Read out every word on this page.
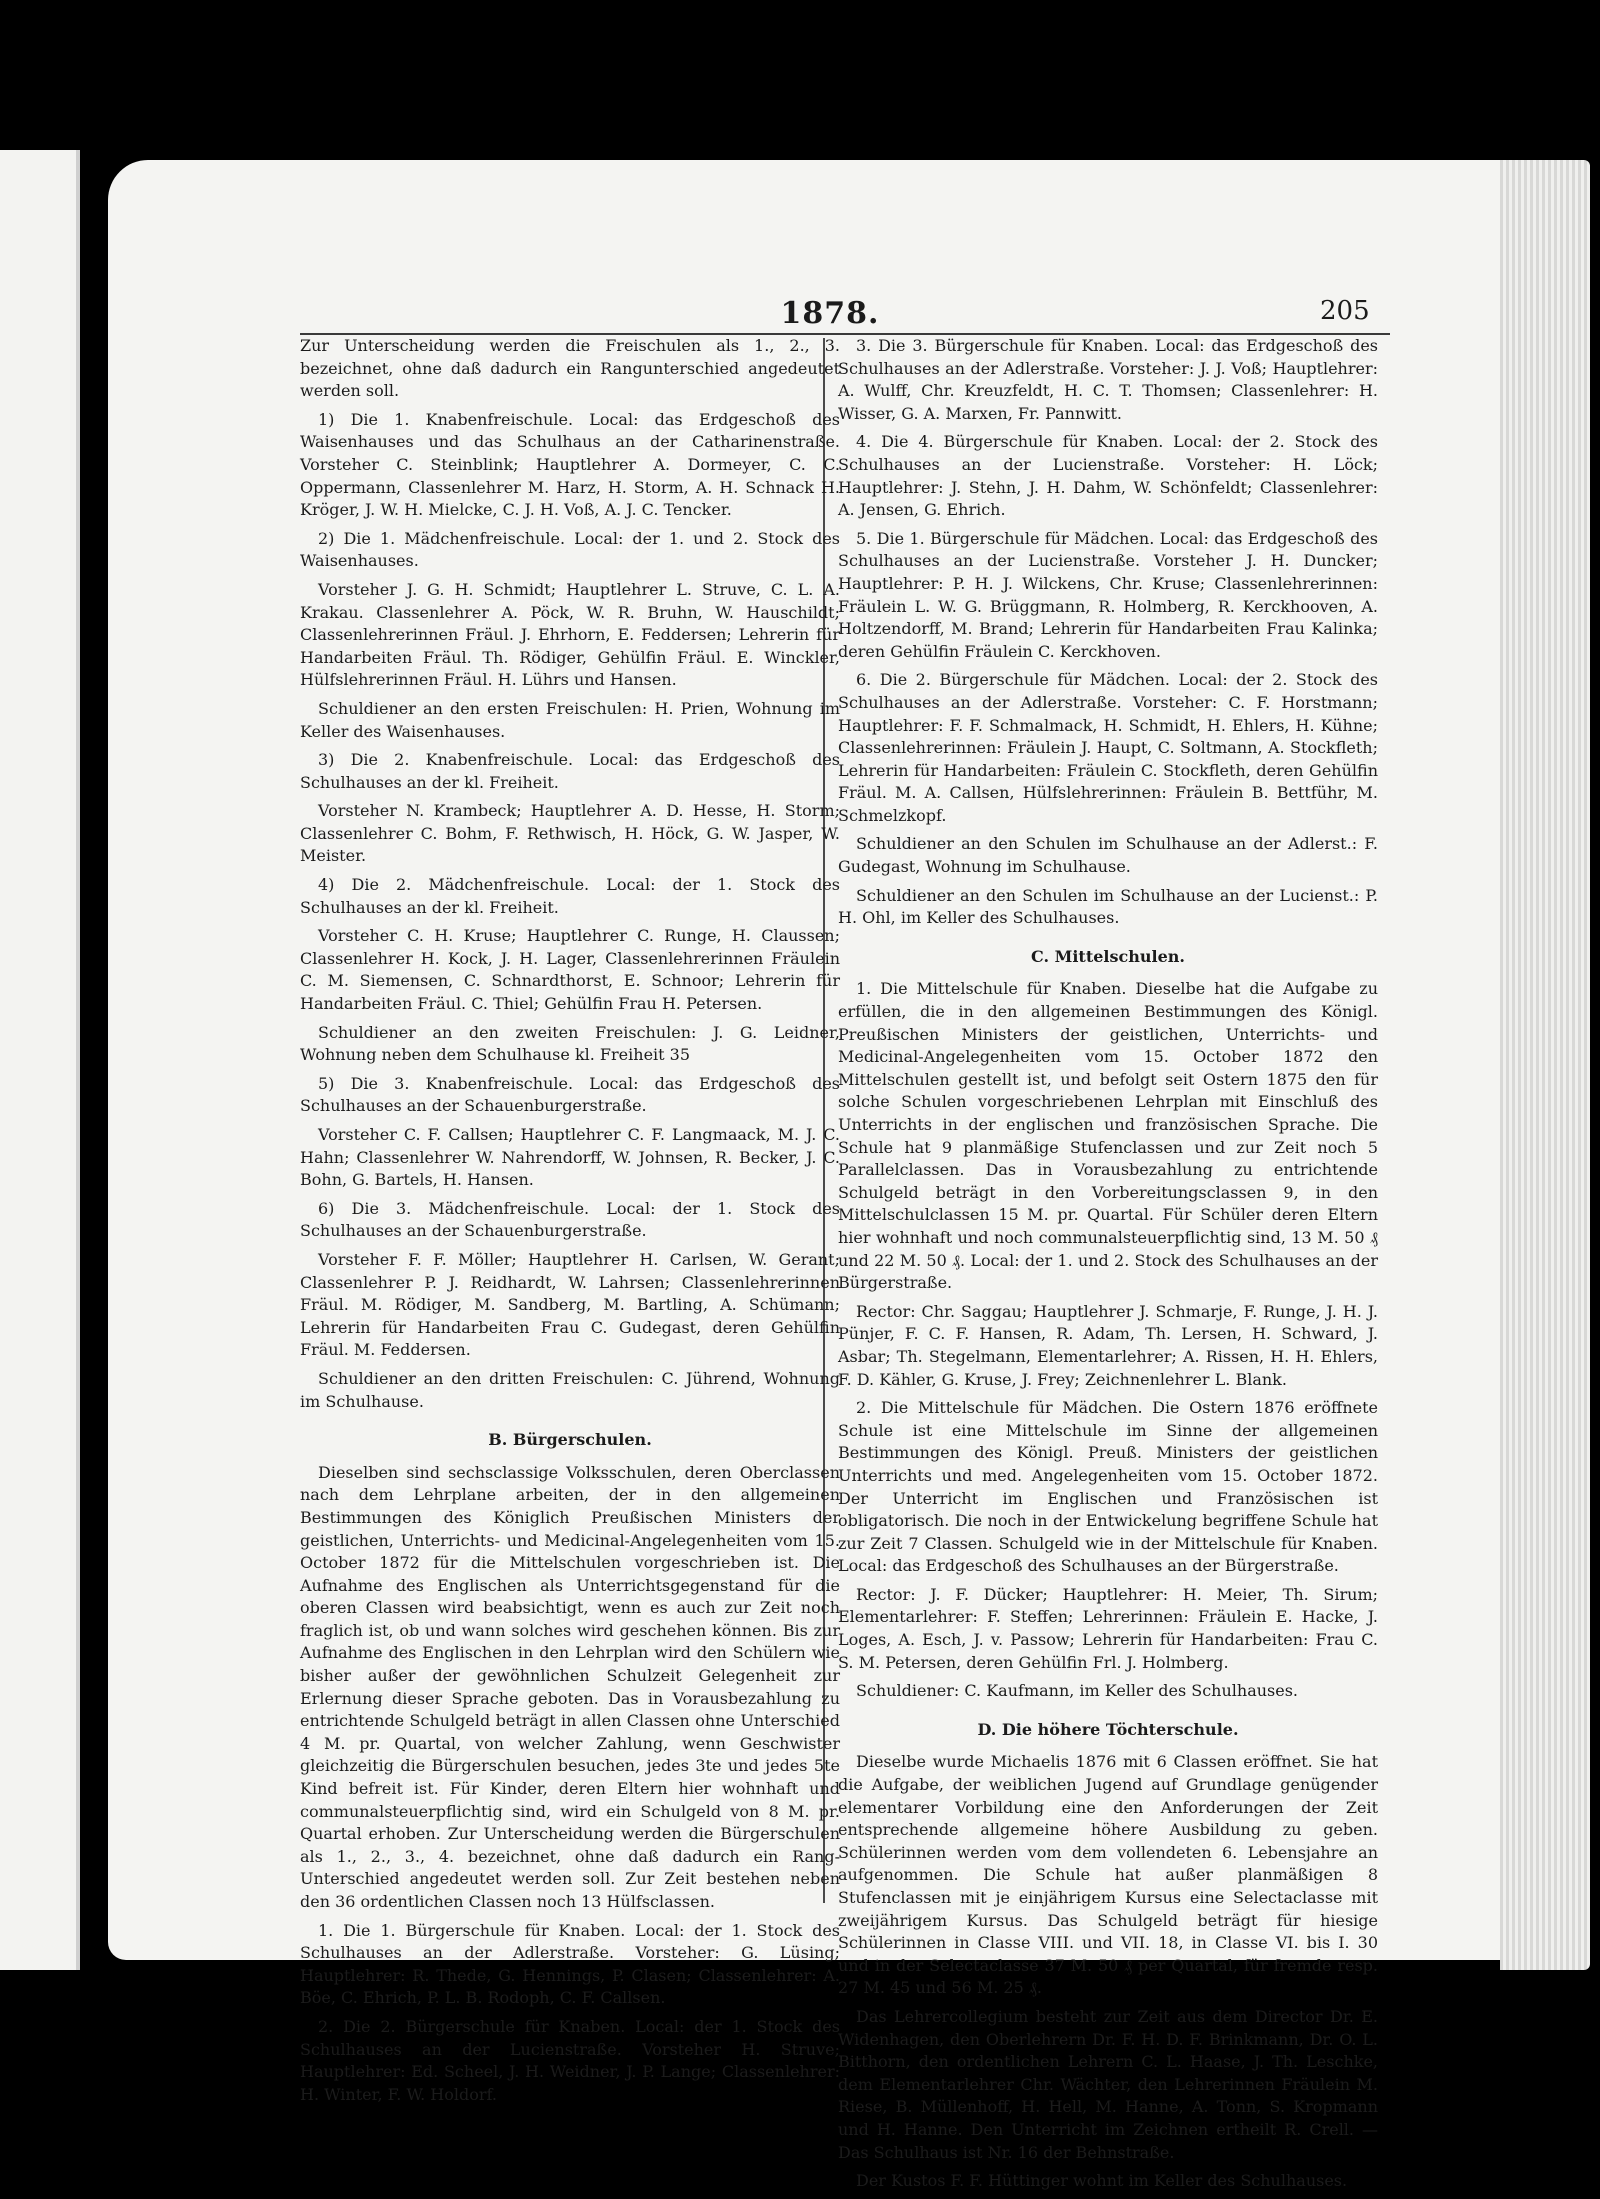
1878.	205

Zur Unterscheidung werden die Freischulen als 1., 2., 3. bezeichnet, ohne daß dadurch ein Rangunterschied angedeutet werden soll.

1) Die 1. Knabenfreischule. Local: das Erdgeschoß des Waisenhauses und das Schulhaus an der Catharinenstraße. Vorsteher C. Steinblink; Hauptlehrer A. Dormeyer, C. C. Oppermann, Classenlehrer M. Harz, H. Storm, A. H. Schnack H. Kröger, J. W. H. Mielcke, C. J. H. Voß, A. J. C. Tencker.

2) Die 1. Mädchenfreischule. Local: der 1. und 2. Stock des Waisenhauses.

Vorsteher J. G. H. Schmidt; Hauptlehrer L. Struve, C. L. A. Krakau. Classenlehrer A. Pöck, W. R. Bruhn, W. Hauschildt; Classenlehrerinnen Fräul. J. Ehrhorn, E. Feddersen; Lehrerin für Handarbeiten Fräul. Th. Rödiger, Gehülfin Fräul. E. Winckler, Hülfslehrerinnen Fräul. H. Lührs und Hansen.

Schuldiener an den ersten Freischulen: H. Prien, Wohnung im Keller des Waisenhauses.

3) Die 2. Knabenfreischule. Local: das Erdgeschoß des Schulhauses an der kl. Freiheit.

Vorsteher N. Krambeck; Hauptlehrer A. D. Hesse, H. Storm; Classenlehrer C. Bohm, F. Rethwisch, H. Höck, G. W. Jasper, W. Meister.

4) Die 2. Mädchenfreischule. Local: der 1. Stock des Schulhauses an der kl. Freiheit.

Vorsteher C. H. Kruse; Hauptlehrer C. Runge, H. Claussen; Classenlehrer H. Kock, J. H. Lager, Classenlehrerinnen Fräulein C. M. Siemensen, C. Schnardthorst, E. Schnoor; Lehrerin für Handarbeiten Fräul. C. Thiel; Gehülfin Frau H. Petersen.

Schuldiener an den zweiten Freischulen: J. G. Leidner, Wohnung neben dem Schulhause kl. Freiheit 35

5) Die 3. Knabenfreischule. Local: das Erdgeschoß des Schulhauses an der Schauenburgerstraße.

Vorsteher C. F. Callsen; Hauptlehrer C. F. Langmaack, M. J. C. Hahn; Classenlehrer W. Nahrendorff, W. Johnsen, R. Becker, J. C. Bohn, G. Bartels, H. Hansen.

6) Die 3. Mädchenfreischule. Local: der 1. Stock des Schulhauses an der Schauenburgerstraße.

Vorsteher F. F. Möller; Hauptlehrer H. Carlsen, W. Gerant; Classenlehrer P. J. Reidhardt, W. Lahrsen; Classenlehrerinnen Fräul. M. Rödiger, M. Sandberg, M. Bartling, A. Schümann; Lehrerin für Handarbeiten Frau C. Gudegast, deren Gehülfin Fräul. M. Feddersen.

Schuldiener an den dritten Freischulen: C. Jührend, Wohnung im Schulhause.

B. Bürgerschulen.

Dieselben sind sechsclassige Volksschulen, deren Oberclassen nach dem Lehrplane arbeiten, der in den allgemeinen Bestimmungen des Königlich Preußischen Ministers der geistlichen, Unterrichts- und Medicinal-Angelegenheiten vom 15. October 1872 für die Mittelschulen vorgeschrieben ist. Die Aufnahme des Englischen als Unterrichtsgegenstand für die oberen Classen wird beabsichtigt, wenn es auch zur Zeit noch fraglich ist, ob und wann solches wird geschehen können. Bis zur Aufnahme des Englischen in den Lehrplan wird den Schülern wie bisher außer der gewöhnlichen Schulzeit Gelegenheit zur Erlernung dieser Sprache geboten. Das in Vorausbezahlung zu entrichtende Schulgeld beträgt in allen Classen ohne Unterschied 4 M. pr. Quartal, von welcher Zahlung, wenn Geschwister gleichzeitig die Bürgerschulen besuchen, jedes 3te und jedes 5te Kind befreit ist. Für Kinder, deren Eltern hier wohnhaft und communalsteuerpflichtig sind, wird ein Schulgeld von 8 M. pr. Quartal erhoben. Zur Unterscheidung werden die Bürgerschulen als 1., 2., 3., 4. bezeichnet, ohne daß dadurch ein Rang-Unterschied angedeutet werden soll. Zur Zeit bestehen neben den 36 ordentlichen Classen noch 13 Hülfsclassen.

1. Die 1. Bürgerschule für Knaben. Local: der 1. Stock des Schulhauses an der Adlerstraße. Vorsteher: G. Lüsing; Hauptlehrer: R. Thede, G. Hennings, P. Clasen; Classenlehrer: A. Böe, C. Ehrich, P. L. B. Rodoph, C. F. Callsen.

2. Die 2. Bürgerschule für Knaben. Local: der 1. Stock des Schulhauses an der Lucienstraße. Vorsteher H. Struve; Hauptlehrer: Ed. Scheel, J. H. Weidner, J. P. Lange; Classenlehrer: H. Winter, F. W. Holdorf.

3. Die 3. Bürgerschule für Knaben. Local: das Erdgeschoß des Schulhauses an der Adlerstraße. Vorsteher: J. J. Voß; Hauptlehrer: A. Wulff, Chr. Kreuzfeldt, H. C. T. Thomsen; Classenlehrer: H. Wisser, G. A. Marxen, Fr. Pannwitt.

4. Die 4. Bürgerschule für Knaben. Local: der 2. Stock des Schulhauses an der Lucienstraße. Vorsteher: H. Löck; Hauptlehrer: J. Stehn, J. H. Dahm, W. Schönfeldt; Classenlehrer: A. Jensen, G. Ehrich.

5. Die 1. Bürgerschule für Mädchen. Local: das Erdgeschoß des Schulhauses an der Lucienstraße. Vorsteher J. H. Duncker; Hauptlehrer: P. H. J. Wilckens, Chr. Kruse; Classenlehrerinnen: Fräulein L. W. G. Brüggmann, R. Holmberg, R. Kerckhooven, A. Holtzendorff, M. Brand; Lehrerin für Handarbeiten Frau Kalinka; deren Gehülfin Fräulein C. Kerckhoven.

6. Die 2. Bürgerschule für Mädchen. Local: der 2. Stock des Schulhauses an der Adlerstraße. Vorsteher: C. F. Horstmann; Hauptlehrer: F. F. Schmalmack, H. Schmidt, H. Ehlers, H. Kühne; Classenlehrerinnen: Fräulein J. Haupt, C. Soltmann, A. Stockfleth; Lehrerin für Handarbeiten: Fräulein C. Stockfleth, deren Gehülfin Fräul. M. A. Callsen, Hülfslehrerinnen: Fräulein B. Bettführ, M. Schmelzkopf.

Schuldiener an den Schulen im Schulhause an der Adlerst.: F. Gudegast, Wohnung im Schulhause.

Schuldiener an den Schulen im Schulhause an der Lucienst.: P. H. Ohl, im Keller des Schulhauses.

C. Mittelschulen.

1. Die Mittelschule für Knaben. Dieselbe hat die Aufgabe zu erfüllen, die in den allgemeinen Bestimmungen des Königl. Preußischen Ministers der geistlichen, Unterrichts- und Medicinal-Angelegenheiten vom 15. October 1872 den Mittelschulen gestellt ist, und befolgt seit Ostern 1875 den für solche Schulen vorgeschriebenen Lehrplan mit Einschluß des Unterrichts in der englischen und französischen Sprache. Die Schule hat 9 planmäßige Stufenclassen und zur Zeit noch 5 Parallelclassen. Das in Vorausbezahlung zu entrichtende Schulgeld beträgt in den Vorbereitungsclassen 9, in den Mittelschulclassen 15 M. pr. Quartal. Für Schüler deren Eltern hier wohnhaft und noch communalsteuerpflichtig sind, 13 M. 50 ₰ und 22 M. 50 ₰. Local: der 1. und 2. Stock des Schulhauses an der Bürgerstraße.

Rector: Chr. Saggau; Hauptlehrer J. Schmarje, F. Runge, J. H. J. Pünjer, F. C. F. Hansen, R. Adam, Th. Lersen, H. Schward, J. Asbar; Th. Stegelmann, Elementarlehrer; A. Rissen, H. H. Ehlers, F. D. Kähler, G. Kruse, J. Frey; Zeichnenlehrer L. Blank.

2. Die Mittelschule für Mädchen. Die Ostern 1876 eröffnete Schule ist eine Mittelschule im Sinne der allgemeinen Bestimmungen des Königl. Preuß. Ministers der geistlichen Unterrichts und med. Angelegenheiten vom 15. October 1872. Der Unterricht im Englischen und Französischen ist obligatorisch. Die noch in der Entwickelung begriffene Schule hat zur Zeit 7 Classen. Schulgeld wie in der Mittelschule für Knaben. Local: das Erdgeschoß des Schulhauses an der Bürgerstraße.

Rector: J. F. Dücker; Hauptlehrer: H. Meier, Th. Sirum; Elementarlehrer: F. Steffen; Lehrerinnen: Fräulein E. Hacke, J. Loges, A. Esch, J. v. Passow; Lehrerin für Handarbeiten: Frau C. S. M. Petersen, deren Gehülfin Frl. J. Holmberg.

Schuldiener: C. Kaufmann, im Keller des Schulhauses.

D. Die höhere Töchterschule.

Dieselbe wurde Michaelis 1876 mit 6 Classen eröffnet. Sie hat die Aufgabe, der weiblichen Jugend auf Grundlage genügender elementarer Vorbildung eine den Anforderungen der Zeit entsprechende allgemeine höhere Ausbildung zu geben. Schülerinnen werden vom dem vollendeten 6. Lebensjahre an aufgenommen. Die Schule hat außer planmäßigen 8 Stufenclassen mit je einjährigem Kursus eine Selectaclasse mit zweijährigem Kursus. Das Schulgeld beträgt für hiesige Schülerinnen in Classe VIII. und VII. 18, in Classe VI. bis I. 30 und in der Selectaclasse 37 M. 50 ₰ per Quartal, für fremde resp. 27 M. 45 und 56 M. 25 ₰.

Das Lehrercollegium besteht zur Zeit aus dem Director Dr. E. Widenhagen, den Oberlehrern Dr. F. H. D. F. Brinkmann, Dr. O. L. Bitthorn, den ordentlichen Lehrern C. L. Haase, J. Th. Leschke, dem Elementarlehrer Chr. Wächter, den Lehrerinnen Fräulein M. Riese, B. Müllenhoff, H. Hell, M. Hanne, A. Tonn, S. Kropmann und H. Hanne. Den Unterricht im Zeichnen ertheilt R. Crell. — Das Schulhaus ist Nr. 16 der Behnstraße.

Der Kustos F. F. Hüttinger wohnt im Keller des Schulhauses.
